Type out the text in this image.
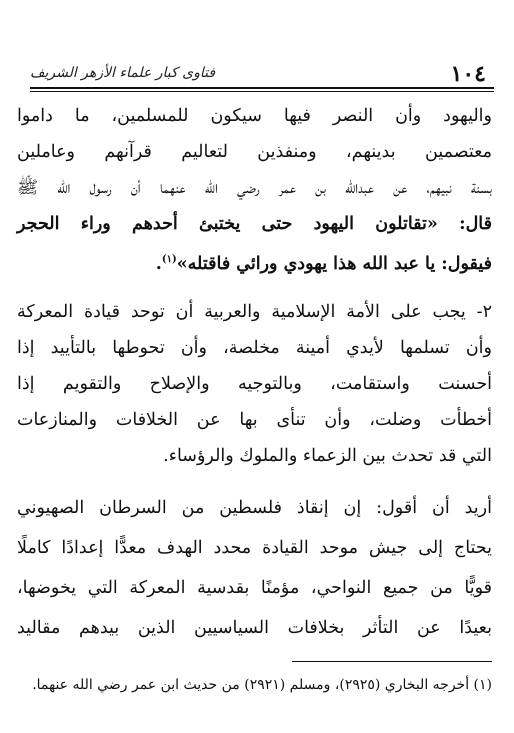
١٠٤
فتاوى كبار علماء الأزهر الشريف
واليهود وأن النصر فيها سيكون للمسلمين، ما داموا
معتصمين بدينهم، ومنفذين لتعاليم قرآنهم وعاملين
بسنة نبيهم، عن عبدالله بن عمر رضي الله عنهما أن رسول الله ﷺ
قال: «تقاتلون اليهود حتى يختبئ أحدهم وراء الحجر
فيقول: يا عبد الله هذا يهودي ورائي فاقتله»$^{(١)}$.
٢- يجب على الأمة الإسلامية والعربية أن توحد قيادة المعركة
وأن تسلمها لأيدي أمينة مخلصة، وأن تحوطها بالتأييد إذا
أحسنت واستقامت، وبالتوجيه والإصلاح والتقويم إذا
أخطأت وضلت، وأن تنأى بها عن الخلافات والمنازعات
التي قد تحدث بين الزعماء والملوك والرؤساء.
أريد أن أقول: إن إنقاذ فلسطين من السرطان الصهيوني
يحتاج إلى جيش موحد القيادة محدد الهدف معدًّا إعدادًا كاملًا
قويًّا من جميع النواحي، مؤمنًا بقدسية المعركة التي يخوضها،
بعيدًا عن التأثر بخلافات السياسيين الذين بيدهم مقاليد
(١) أخرجه البخاري (٢٩٢٥)، ومسلم (٢٩٢١) من حديث ابن عمر رضي الله عنهما.
